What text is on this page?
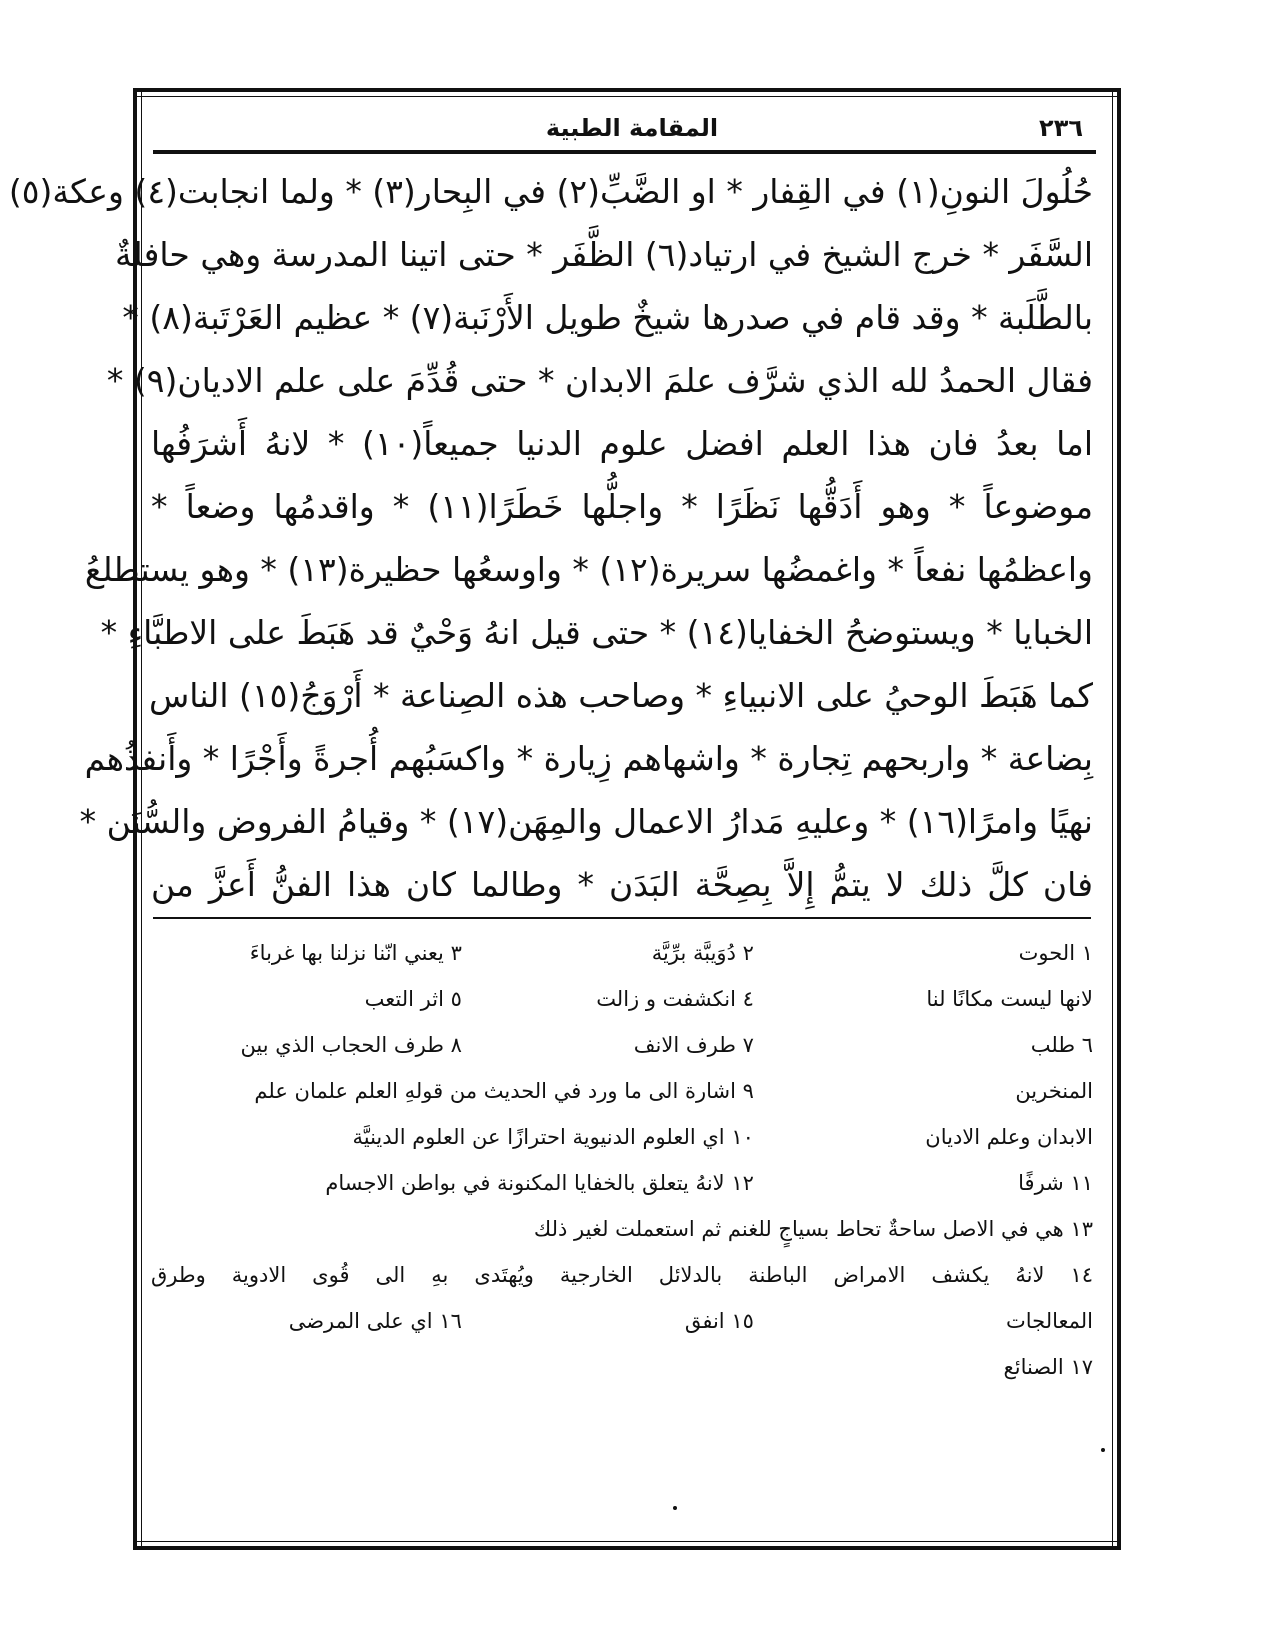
٢٣٦
المقامة الطبية
حُلُولَ النونِ(١) في القِفار * او الضَّبِّ(٢) في البِحار(٣) * ولما انجابت(٤) وعكة(٥)
السَّفَر * خرج الشيخ في ارتياد(٦) الظَّفَر * حتى اتينا المدرسة وهي حافلةٌ
بالطَّلَبة * وقد قام في صدرها شيخٌ طويل الأَرْنَبة(٧) * عظيم العَرْتَبة(٨) *
فقال الحمدُ لله الذي شرَّف علمَ الابدان * حتى قُدِّمَ على علم الاديان(٩) *
اما بعدُ فان هذا العلم افضل علوم الدنيا جميعاً(١٠) * لانهُ أَشرَفُها
موضوعاً * وهو أَدَقُّها نَظَرًا * واجلُّها خَطَرًا(١١) * واقدمُها وضعاً *
واعظمُها نفعاً * واغمضُها سريرة(١٢) * واوسعُها حظيرة(١٣) * وهو يستطلعُ
الخبايا * ويستوضحُ الخفايا(١٤) * حتى قيل انهُ وَحْيٌ قد هَبَطَ على الاطبَّاءِ *
كما هَبَطَ الوحيُ على الانبياءِ * وصاحب هذه الصِناعة * أَرْوَجُ(١٥) الناس
بِضاعة * واربحهم تِجارة * واشهاهم زِيارة * واكسَبُهم أُجرةً وأَجْرًا * وأَنفذُهم
نهيًا وامرًا(١٦) * وعليهِ مَدارُ الاعمال والمِهَن(١٧) * وقيامُ الفروض والسُّنَن *
فان كلَّ ذلك لا يتمُّ إِلاَّ بِصِحَّة البَدَن * وطالما كان هذا الفنُّ أَعزَّ من
١ الحوت
٢ دُوَيبَّة برِّيَّة
٣ يعني انّنا نزلنا بها غرباءَ
لانها ليست مكانًا لنا
٤ انكشفت و زالت
٥ اثر التعب
٦ طلب
٧ طرف الانف
٨ طرف الحجاب الذي بين
المنخرين
٩ اشارة الى ما ورد في الحديث من قولهِ العلم علمان علم
الابدان وعلم الاديان
١٠ اي العلوم الدنيوية احترازًا عن العلوم الدينيَّة
١١ شرفًا
١٢ لانهُ يتعلق بالخفايا المكنونة في بواطن الاجسام
١٣ هي في الاصل ساحةٌ تحاط بسياجٍ للغنم ثم استعملت لغير ذلك
١٤ لانهُ يكشف الامراض الباطنة بالدلائل الخارجية ويُهتَدى بهِ الى قُوى الادوية وطرق
المعالجات
١٥ انفق
١٦ اي على المرضى
١٧ الصنائع
